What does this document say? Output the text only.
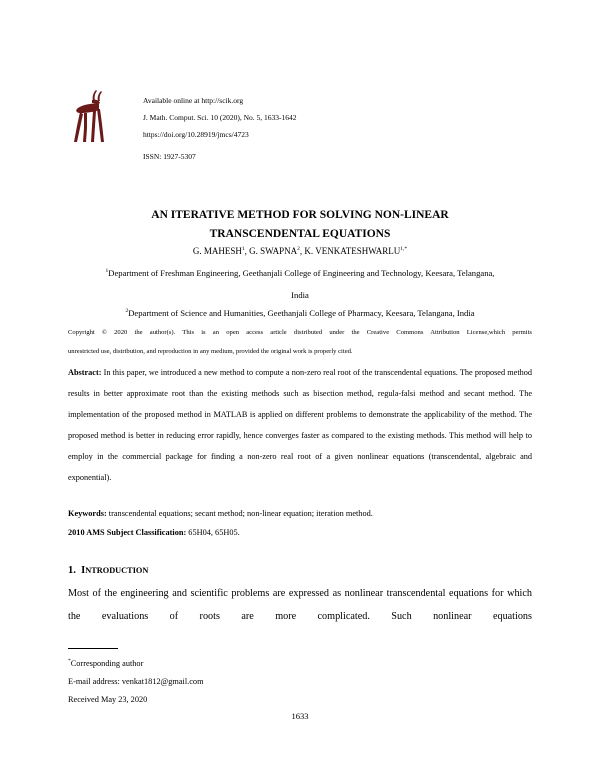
Available online at http://scik.org
J. Math. Comput. Sci. 10 (2020), No. 5, 1633-1642
https://doi.org/10.28919/jmcs/4723
ISSN: 1927-5307
AN ITERATIVE METHOD FOR SOLVING NON-LINEAR
TRANSCENDENTAL EQUATIONS
G. MAHESH$^1$, G. SWAPNA$^2$, K. $VENKATESHWARLU^{1,*}$
$^1$Department of Freshman Engineering, Geethanjali College of Engineering and Technology, Keesara, Telangana,
India
$^2$Department of Science and Humanities, Geethanjali College of Pharmacy, Keesara, Telangana, India
Copyright © 2020 the author(s). This is an open access article distributed under the Creative Commons Attribution License,which permits
unrestricted use, distribution, and reproduction in any medium, provided the original work is properly cited.
Abstract: In this paper, we introduced a new method to compute a non-zero real root of the transcendental equations. The proposed method results in better approximate root than the existing methods such as bisection method, regula-falsi method and secant method. The implementation of the proposed method in MATLAB is applied on different problems to demonstrate the applicability of the method. The proposed method is better in reducing error rapidly, hence converges faster as compared to the existing methods. This method will help to employ in the commercial package for finding a non-zero real root of a given nonlinear equations (transcendental, algebraic and exponential).
Keywords: transcendental equations; secant method; non-linear equation; iteration method.
2010 AMS Subject Classification: 65H04, 65H05.
1. INTRODUCTION
Most of the engineering and scientific problems are expressed as nonlinear transcendental equations for which the evaluations of roots are more complicated. Such nonlinear equations
*Corresponding author
E-mail address: venkat1812@gmail.com
Received May 23, 2020
1633
